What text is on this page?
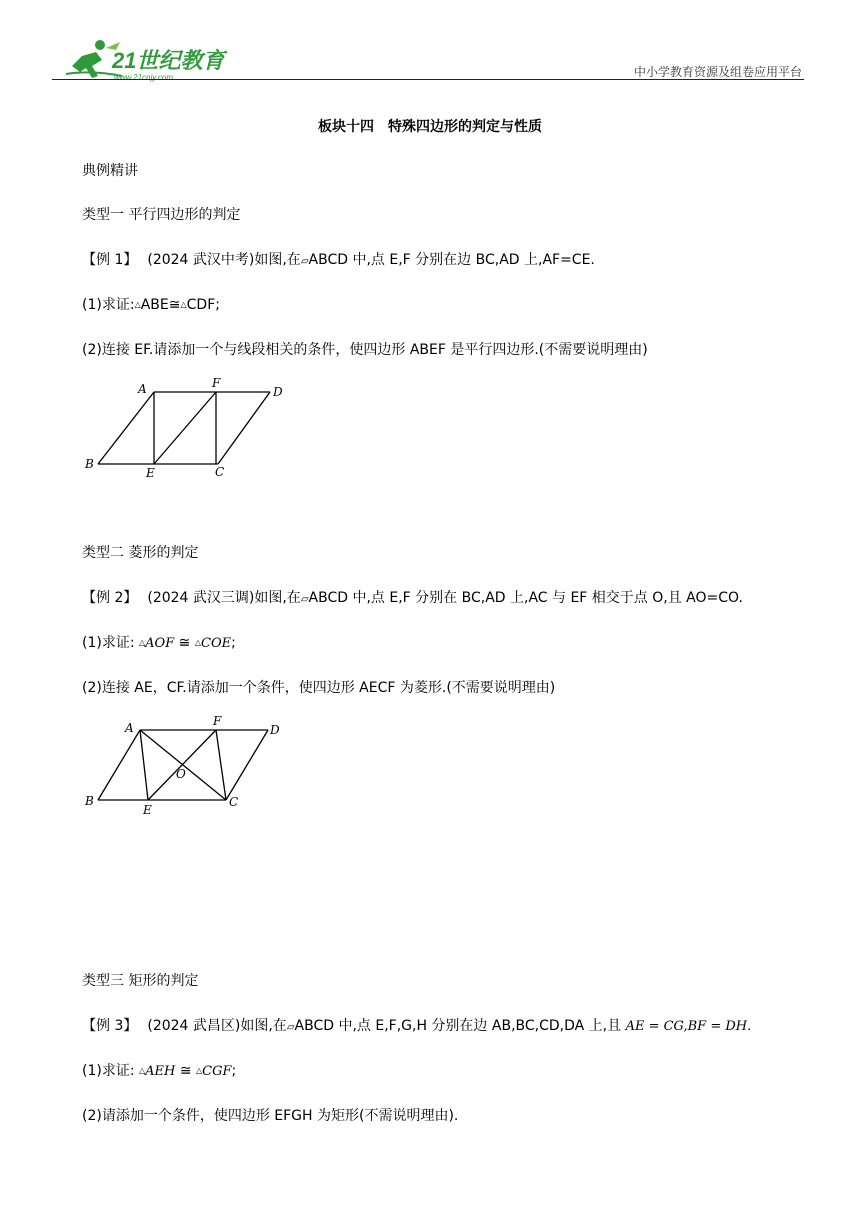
21世纪教育
www.21cnjy.com	中小学教育资源及组卷应用平台
板块十四　特殊四边形的判定与性质
典例精讲
类型一 平行四边形的判定
【例 1】 (2024 武汉中考)如图,在▱ABCD 中,点 E,F 分别在边 BC,AD 上,AF=CE.
(1)求证:△ABE≅△CDF;
(2)连接 EF.请添加一个与线段相关的条件，使四边形 ABEF 是平行四边形.(不需要说明理由)
A	F
D
B
E	C
类型二 菱形的判定
【例 2】 (2024 武汉三调)如图,在▱ABCD 中,点 E,F 分别在 BC,AD 上,AC 与 EF 相交于点 O,且 AO=CO.
(1)求证: △AOF ≅ △COE;
(2)连接 AE，CF.请添加一个条件，使四边形 AECF 为菱形.(不需要说明理由)
A	F
D
O
B
E
C
类型三 矩形的判定
【例 3】 (2024 武昌区)如图,在▱ABCD 中,点 E,F,G,H 分别在边 AB,BC,CD,DA 上,且 AE = CG,BF = DH.
(1)求证: △AEH ≅ △CGF;
(2)请添加一个条件，使四边形 EFGH 为矩形(不需说明理由).
